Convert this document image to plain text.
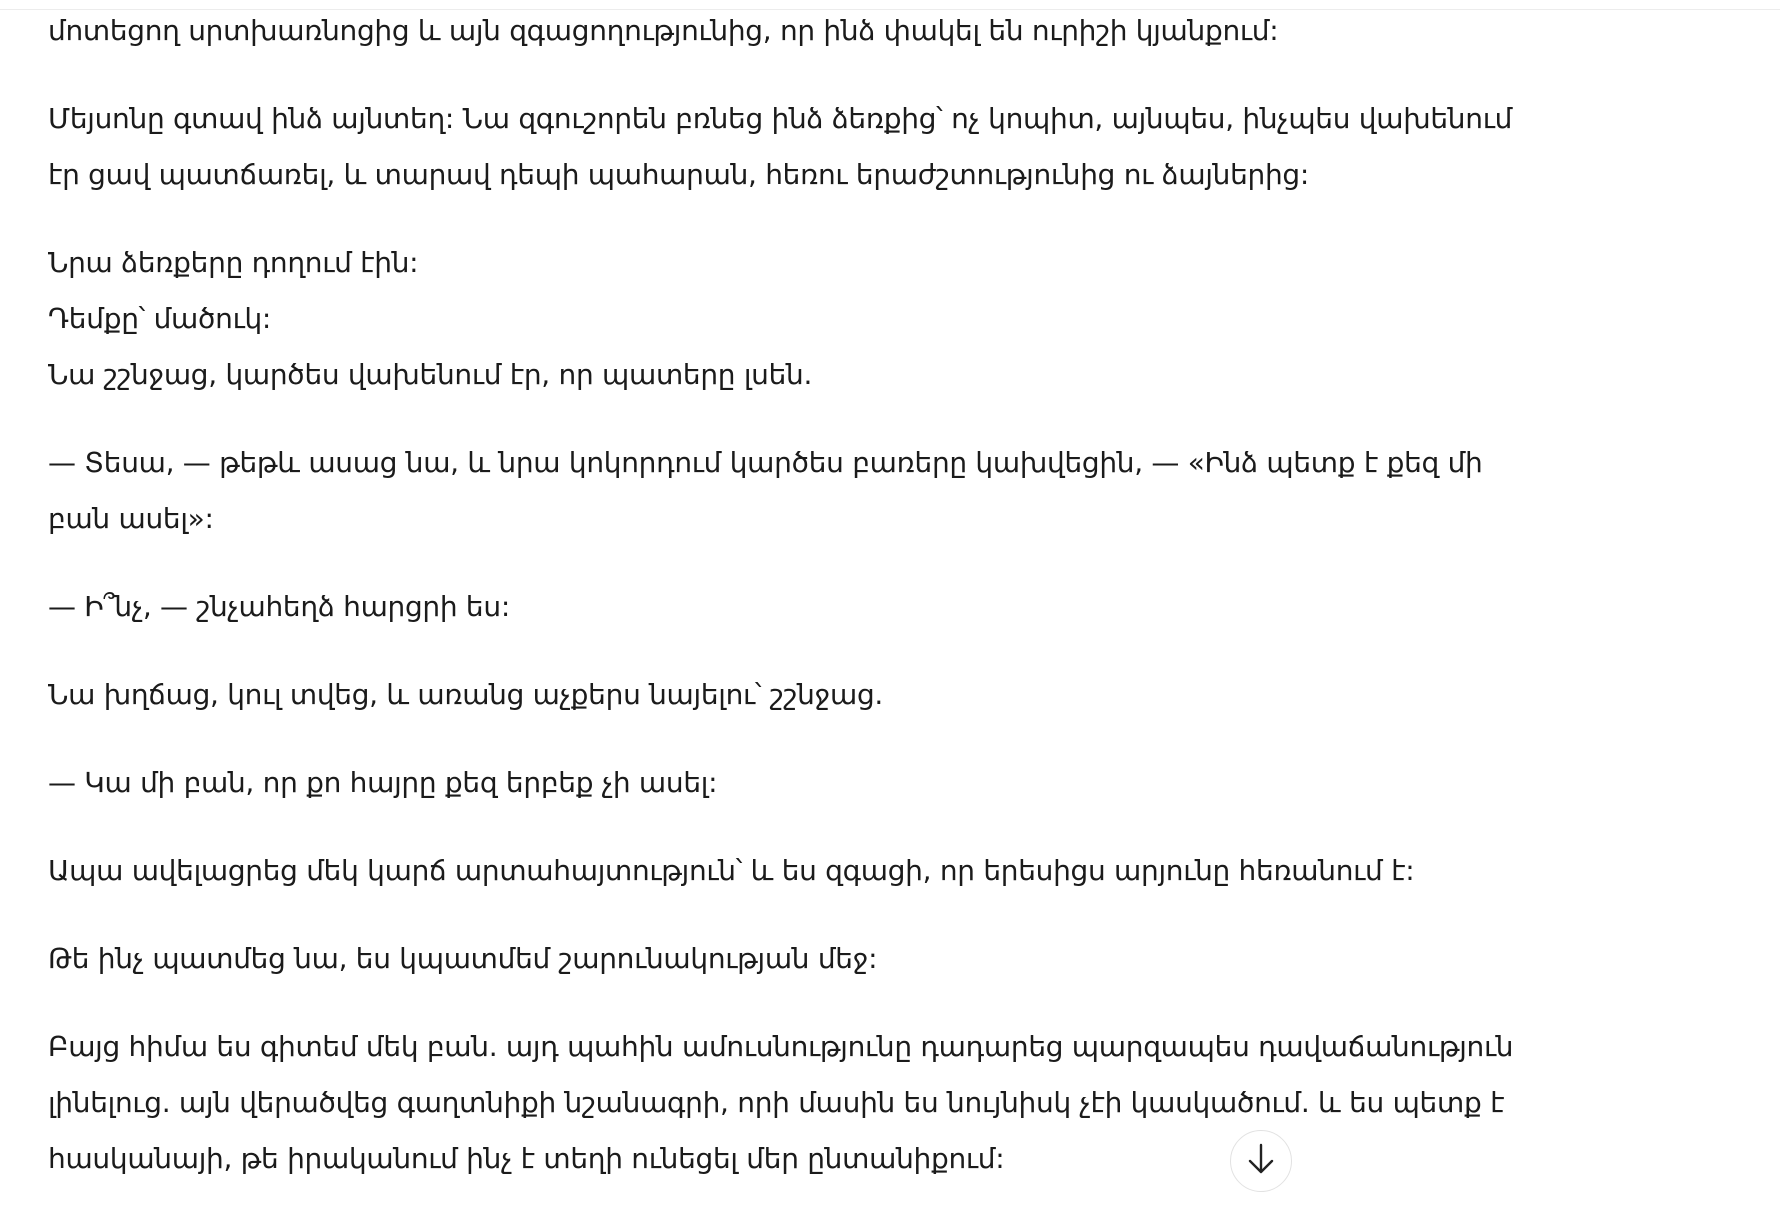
մոտեցող սրտխառնոցից և այն զգացողությունից, որ ինձ փակել են ուրիշի կյանքում:

Մեյսոնը գտավ ինձ այնտեղ: Նա զգուշորեն բռնեց ինձ ձեռքից՝ ոչ կոպիտ, այնպես, ինչպես վախենում
էր ցավ պատճառել, և տարավ դեպի պահարան, հեռու երաժշտությունից ու ձայներից:

Նրա ձեռքերը դողում էին:
Դեմքը՝ մածուկ:
Նա շշնջաց, կարծես վախենում էր, որ պատերը լսեն.

— Տեսա, — թեթև ասաց նա, և նրա կոկորդում կարծես բառերը կախվեցին, — «Ինձ պետք է քեզ մի
բան ասել»:

— Ի՞նչ, — շնչահեղձ հարցրի ես:

Նա խղճաց, կուլ տվեց, և առանց աչքերս նայելու՝ շշնջաց.

— Կա մի բան, որ քո հայրը քեզ երբեք չի ասել:

Ապա ավելացրեց մեկ կարճ արտահայտություն՝ և ես զգացի, որ երեսիցս արյունը հեռանում է:

Թե ինչ պատմեց նա, ես կպատմեմ շարունակության մեջ:

Բայց հիմա ես գիտեմ մեկ բան. այդ պահին ամուսնությունը դադարեց պարզապես դավաճանություն
լինելուց. այն վերածվեց գաղտնիքի նշանագրի, որի մասին ես նույնիսկ չէի կասկածում. և ես պետք է
հասկանայի, թե իրականում ինչ է տեղի ունեցել մեր ընտանիքում:
